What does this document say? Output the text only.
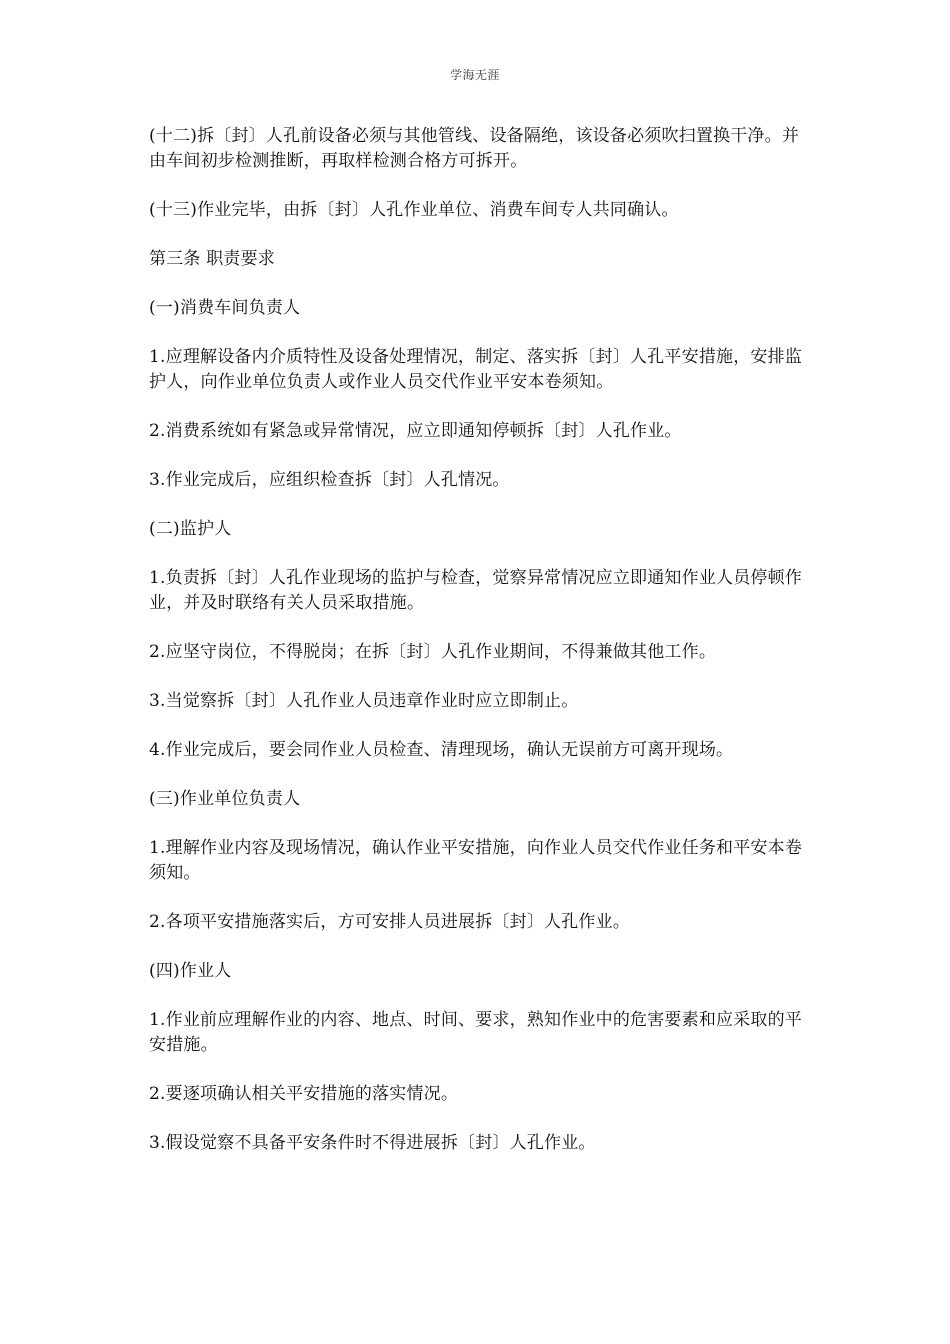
学海无涯

(十二)拆〔封〕人孔前设备必须与其他管线、设备隔绝，该设备必须吹扫置换干净。并由车间初步检测推断，再取样检测合格方可拆开。

(十三)作业完毕，由拆〔封〕人孔作业单位、消费车间专人共同确认。

第三条 职责要求

(一)消费车间负责人

1.应理解设备内介质特性及设备处理情况，制定、落实拆〔封〕人孔平安措施，安排监护人，向作业单位负责人或作业人员交代作业平安本卷须知。

2.消费系统如有紧急或异常情况，应立即通知停顿拆〔封〕人孔作业。

3.作业完成后，应组织检查拆〔封〕人孔情况。

(二)监护人

1.负责拆〔封〕人孔作业现场的监护与检查，觉察异常情况应立即通知作业人员停顿作业，并及时联络有关人员采取措施。

2.应坚守岗位，不得脱岗；在拆〔封〕人孔作业期间，不得兼做其他工作。

3.当觉察拆〔封〕人孔作业人员违章作业时应立即制止。

4.作业完成后，要会同作业人员检查、清理现场，确认无误前方可离开现场。

(三)作业单位负责人

1.理解作业内容及现场情况，确认作业平安措施，向作业人员交代作业任务和平安本卷须知。

2.各项平安措施落实后，方可安排人员进展拆〔封〕人孔作业。

(四)作业人

1.作业前应理解作业的内容、地点、时间、要求，熟知作业中的危害要素和应采取的平安措施。

2.要逐项确认相关平安措施的落实情况。

3.假设觉察不具备平安条件时不得进展拆〔封〕人孔作业。
